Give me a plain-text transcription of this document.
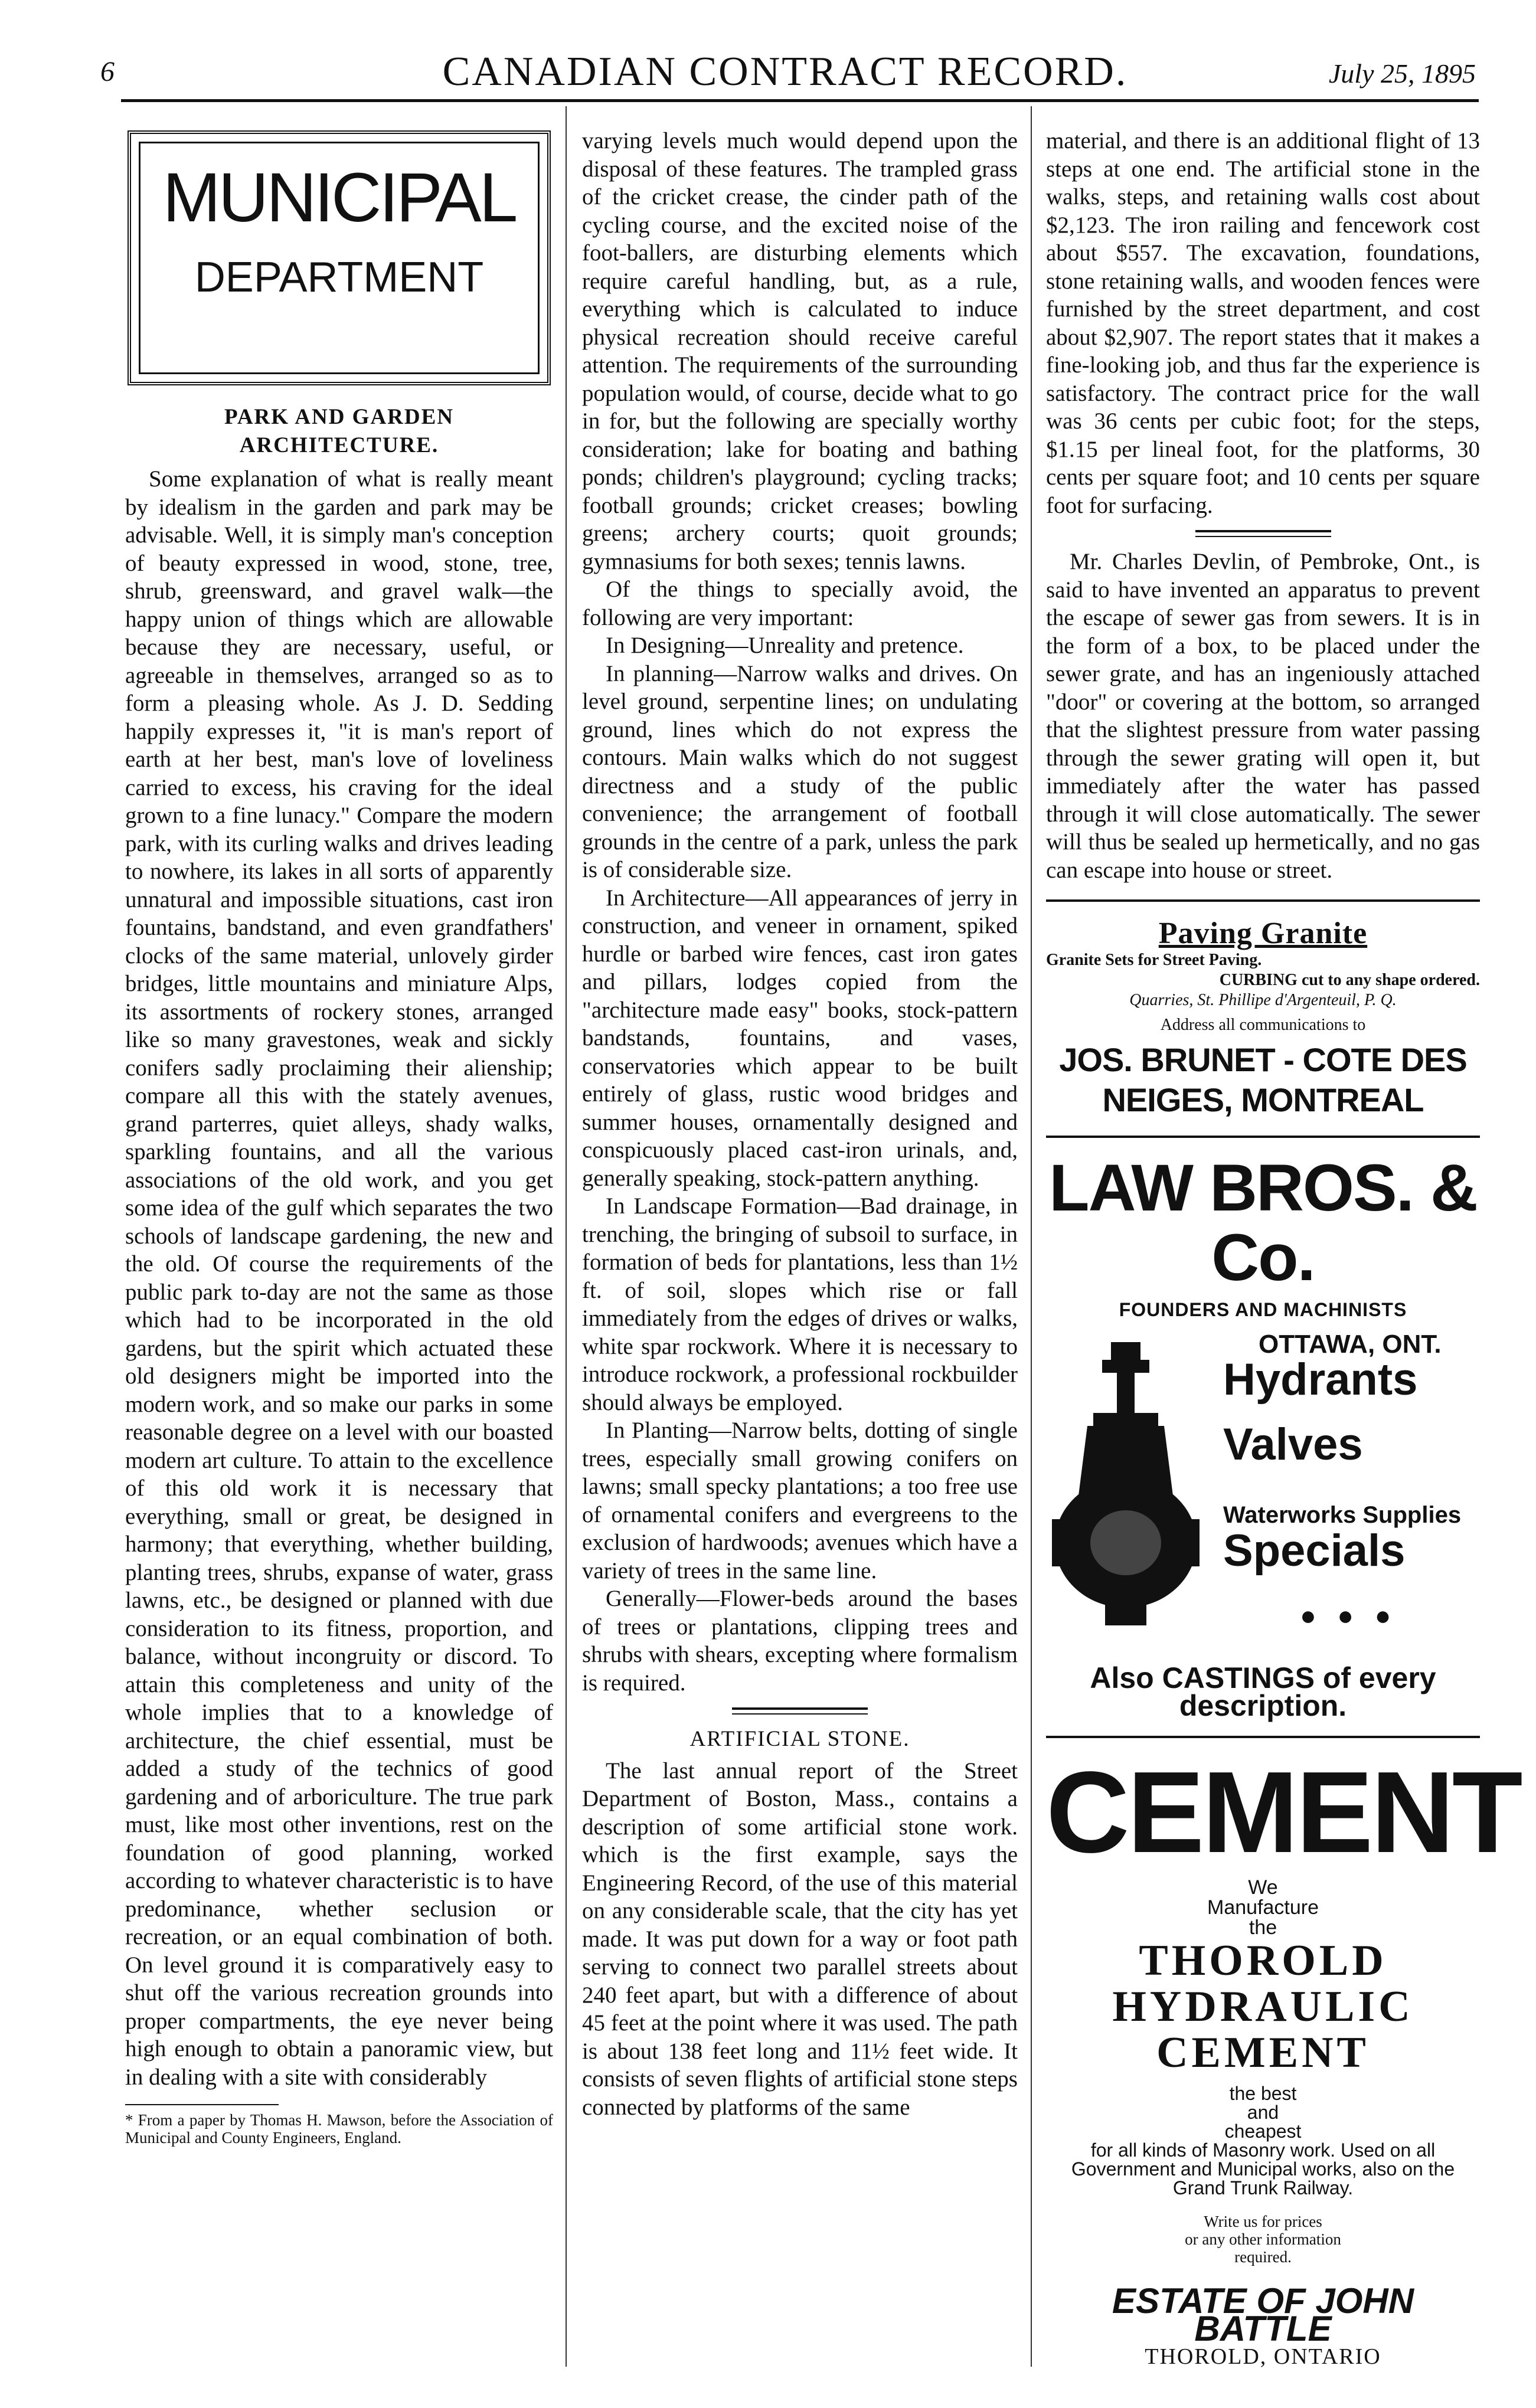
6	CANADIAN CONTRACT RECORD.	July 25, 1895
MUNICIPAL
DEPARTMENT
PARK AND GARDEN ARCHITECTURE.

Some explanation of what is really meant by idealism in the garden and park may be advisable. Well, it is simply man's conception of beauty expressed in wood, stone, tree, shrub, greensward, and gravel walk—the happy union of things which are allowable because they are necessary, useful, or agreeable in themselves, arranged so as to form a pleasing whole. As J. D. Sedding happily expresses it, "it is man's report of earth at her best, man's love of loveliness carried to excess, his craving for the ideal grown to a fine lunacy." Compare the modern park, with its curling walks and drives leading to nowhere, its lakes in all sorts of apparently unnatural and impossible situations, cast iron fountains, bandstand, and even grandfathers' clocks of the same material, unlovely girder bridges, little mountains and miniature Alps, its assortments of rockery stones, arranged like so many gravestones, weak and sickly conifers sadly proclaiming their alienship; compare all this with the stately avenues, grand parterres, quiet alleys, shady walks, sparkling fountains, and all the various associations of the old work, and you get some idea of the gulf which separates the two schools of landscape gardening, the new and the old. Of course the requirements of the public park to-day are not the same as those which had to be incorporated in the old gardens, but the spirit which actuated these old designers might be imported into the modern work, and so make our parks in some reasonable degree on a level with our boasted modern art culture. To attain to the excellence of this old work it is necessary that everything, small or great, be designed in harmony; that everything, whether building, planting trees, shrubs, expanse of water, grass lawns, etc., be designed or planned with due consideration to its fitness, proportion, and balance, without incongruity or discord. To attain this completeness and unity of the whole implies that to a knowledge of architecture, the chief essential, must be added a study of the technics of good gardening and of arboriculture. The true park must, like most other inventions, rest on the foundation of good planning, worked according to whatever characteristic is to have predominance, whether seclusion or recreation, or an equal combination of both. On level ground it is comparatively easy to shut off the various recreation grounds into proper compartments, the eye never being high enough to obtain a panoramic view, but in dealing with a site with considerably

* From a paper by Thomas H. Mawson, before the Association of Municipal and County Engineers, England.

varying levels much would depend upon the disposal of these features. The trampled grass of the cricket crease, the cinder path of the cycling course, and the excited noise of the foot-ballers, are disturbing elements which require careful handling, but, as a rule, everything which is calculated to induce physical recreation should receive careful attention. The requirements of the surrounding population would, of course, decide what to go in for, but the following are specially worthy consideration; lake for boating and bathing ponds; children's playground; cycling tracks; football grounds; cricket creases; bowling greens; archery courts; quoit grounds; gymnasiums for both sexes; tennis lawns.

Of the things to specially avoid, the following are very important:

In Designing—Unreality and pretence.

In planning—Narrow walks and drives. On level ground, serpentine lines; on undulating ground, lines which do not express the contours. Main walks which do not suggest directness and a study of the public convenience; the arrangement of football grounds in the centre of a park, unless the park is of considerable size.

In Architecture—All appearances of jerry in construction, and veneer in ornament, spiked hurdle or barbed wire fences, cast iron gates and pillars, lodges copied from the "architecture made easy" books, stock-pattern bandstands, fountains, and vases, conservatories which appear to be built entirely of glass, rustic wood bridges and summer houses, ornamentally designed and conspicuously placed cast-iron urinals, and, generally speaking, stock-pattern anything.

In Landscape Formation—Bad drainage, in trenching, the bringing of subsoil to surface, in formation of beds for plantations, less than 1½ ft. of soil, slopes which rise or fall immediately from the edges of drives or walks, white spar rockwork. Where it is necessary to introduce rockwork, a professional rockbuilder should always be employed.

In Planting—Narrow belts, dotting of single trees, especially small growing conifers on lawns; small specky plantations; a too free use of ornamental conifers and evergreens to the exclusion of hardwoods; avenues which have a variety of trees in the same line.

Generally—Flower-beds around the bases of trees or plantations, clipping trees and shrubs with shears, excepting where formalism is required.

ARTIFICIAL STONE.

The last annual report of the Street Department of Boston, Mass., contains a description of some artificial stone work. which is the first example, says the Engineering Record, of the use of this material on any considerable scale, that the city has yet made. It was put down for a way or foot path serving to connect two parallel streets about 240 feet apart, but with a difference of about 45 feet at the point where it was used. The path is about 138 feet long and 11½ feet wide. It consists of seven flights of artificial stone steps connected by platforms of the same

material, and there is an additional flight of 13 steps at one end. The artificial stone in the walks, steps, and retaining walls cost about $2,123. The iron railing and fencework cost about $557. The excavation, foundations, stone retaining walls, and wooden fences were furnished by the street department, and cost about $2,907. The report states that it makes a fine-looking job, and thus far the experience is satisfactory. The contract price for the wall was 36 cents per cubic foot; for the steps, $1.15 per lineal foot, for the platforms, 30 cents per square foot; and 10 cents per square foot for surfacing.

Mr. Charles Devlin, of Pembroke, Ont., is said to have invented an apparatus to prevent the escape of sewer gas from sewers. It is in the form of a box, to be placed under the sewer grate, and has an ingeniously attached "door" or covering at the bottom, so arranged that the slightest pressure from water passing through the sewer grating will open it, but immediately after the water has passed through it will close automatically. The sewer will thus be sealed up hermetically, and no gas can escape into house or street.

Paving Granite
Granite Sets for Street Paving.
CURBING cut to any shape ordered.
Quarries, St. Phillipe d'Argenteuil, P. Q.
Address all communications to
JOS. BRUNET - COTE DES NEIGES, MONTREAL
LAW BROS. & Co.
FOUNDERS AND MACHINISTS
OTTAWA, ONT.
Hydrants
Valves
Waterworks Supplies
Specials
● ● ●
Also CASTINGS of every description.
CEMENT
We
Manufacture
the
THOROLD
HYDRAULIC
CEMENT
the best
and
cheapest
for all kinds of Masonry work. Used on all Government and Municipal works, also on the Grand Trunk Railway.
Write us for prices
or any other information
required.
ESTATE OF JOHN BATTLE
THOROLD, ONTARIO
